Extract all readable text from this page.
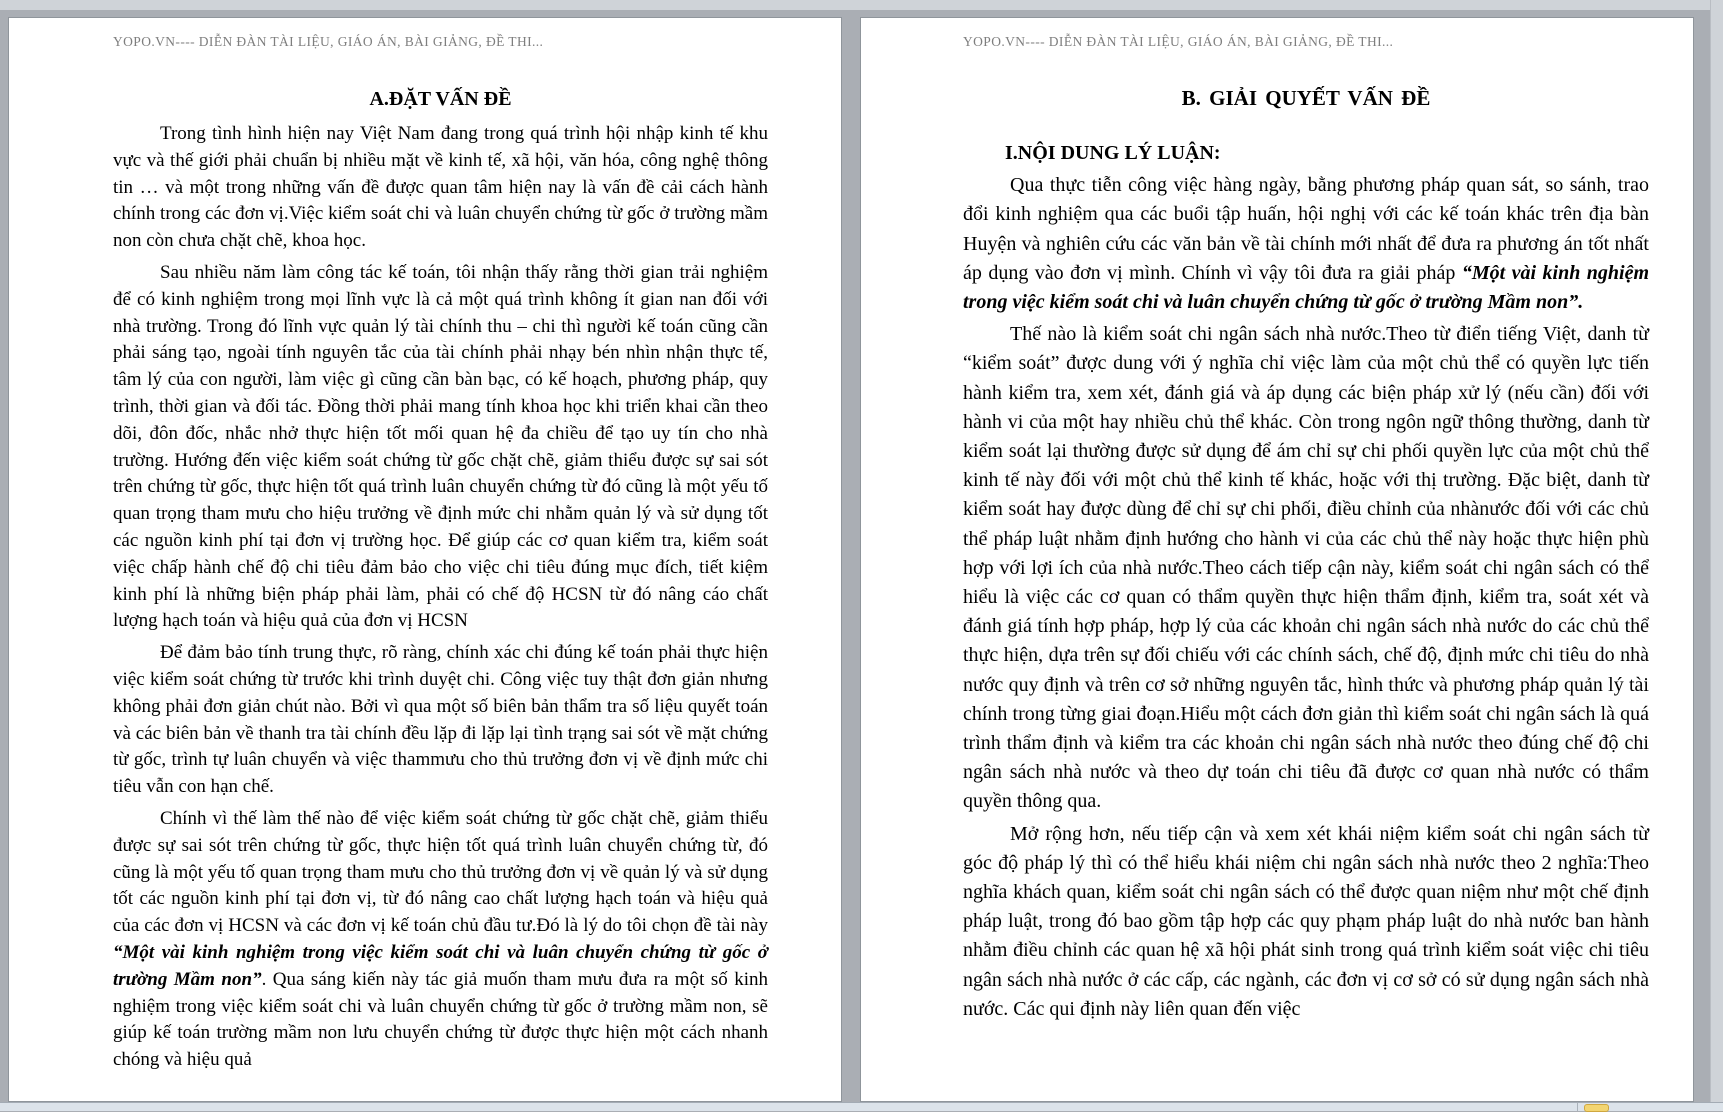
YOPO.VN---- DIỄN ĐÀN TÀI LIỆU, GIÁO ÁN, BÀI GIẢNG, ĐỀ THI...
A.ĐẶT VẤN ĐỀ

Trong tình hình hiện nay Việt Nam đang trong quá trình hội nhập kinh tế khu vực và thế giới phải chuẩn bị nhiều mặt về kinh tế, xã hội, văn hóa, công nghệ thông tin … và một trong những vấn đề được quan tâm hiện nay là vấn đề cải cách hành chính trong các đơn vị.Việc kiểm soát chi và luân chuyển chứng từ gốc ở trường mầm non còn chưa chặt chẽ, khoa học.

Sau nhiều năm làm công tác kế toán, tôi nhận thấy rằng thời gian trải nghiệm để có kinh nghiệm trong mọi lĩnh vực là cả một quá trình không ít gian nan đối với nhà trường. Trong đó lĩnh vực quản lý tài chính thu – chi thì người kế toán cũng cần phải sáng tạo, ngoài tính nguyên tắc của tài chính phải nhạy bén nhìn nhận thực tế, tâm lý của con người, làm việc gì cũng cần bàn bạc, có kế hoạch, phương pháp, quy trình, thời gian và đối tác. Đồng thời phải mang tính khoa học khi triển khai cần theo dõi, đôn đốc, nhắc nhở thực hiện tốt mối quan hệ đa chiều để tạo uy tín cho nhà trường. Hướng đến việc kiểm soát chứng từ gốc chặt chẽ, giảm thiểu được sự sai sót trên chứng từ gốc, thực hiện tốt quá trình luân chuyển chứng từ đó cũng là một yếu tố quan trọng tham mưu cho hiệu trưởng về định mức chi nhằm quản lý và sử dụng tốt các nguồn kinh phí tại đơn vị trường học. Để giúp các cơ quan kiểm tra, kiểm soát việc chấp hành chế độ chi tiêu đảm bảo cho việc chi tiêu đúng mục đích, tiết kiệm kinh phí là những biện pháp phải làm, phải có chế độ HCSN từ đó nâng cáo chất lượng hạch toán và hiệu quả của đơn vị HCSN

Để đảm bảo tính trung thực, rõ ràng, chính xác chi đúng kế toán phải thực hiện việc kiểm soát chứng từ trước khi trình duyệt chi. Công việc tuy thật đơn giản nhưng không phải đơn giản chút nào. Bởi vì qua một số biên bản thẩm tra số liệu quyết toán và các biên bản về thanh tra tài chính đều lặp đi lặp lại tình trạng sai sót về mặt chứng từ gốc, trình tự luân chuyển và việc thammưu cho thủ trưởng đơn vị về định mức chi tiêu vẫn con hạn chế.

Chính vì thế làm thế nào để việc kiểm soát chứng từ gốc chặt chẽ, giảm thiểu được sự sai sót trên chứng từ gốc, thực hiện tốt quá trình luân chuyển chứng từ, đó cũng là một yếu tố quan trọng tham mưu cho thủ trưởng đơn vị về quản lý và sử dụng tốt các nguồn kinh phí tại đơn vị, từ đó nâng cao chất lượng hạch toán và hiệu quả của các đơn vị HCSN và các đơn vị kế toán chủ đầu tư.Đó là lý do tôi chọn đề tài này “Một vài kinh nghiệm trong việc kiểm soát chi và luân chuyển chứng từ gốc ở trường Mầm non”. Qua sáng kiến này tác giả muốn tham mưu đưa ra một số kinh nghiệm trong việc kiểm soát chi và luân chuyển chứng từ gốc ở trường mầm non, sẽ giúp kế toán trường mầm non lưu chuyển chứng từ được thực hiện một cách nhanh chóng và hiệu quả

YOPO.VN---- DIỄN ĐÀN TÀI LIỆU, GIÁO ÁN, BÀI GIẢNG, ĐỀ THI...
B. GIẢI QUYẾT VẤN ĐỀ

I.NỘI DUNG LÝ LUẬN:

Qua thực tiễn công việc hàng ngày, bằng phương pháp quan sát, so sánh, trao đổi kinh nghiệm qua các buổi tập huấn, hội nghị với các kế toán khác trên địa bàn Huyện và nghiên cứu các văn bản về tài chính mới nhất để đưa ra phương án tốt nhất áp dụng vào đơn vị mình. Chính vì vậy tôi đưa ra giải pháp “Một vài kinh nghiệm trong việc kiểm soát chi và luân chuyển chứng từ gốc ở trường Mầm non”.

Thế nào là kiểm soát chi ngân sách nhà nước.Theo từ điển tiếng Việt, danh từ “kiểm soát” được dung với ý nghĩa chỉ việc làm của một chủ thể có quyền lực tiến hành kiểm tra, xem xét, đánh giá và áp dụng các biện pháp xử lý (nếu cần) đối với hành vi của một hay nhiều chủ thể khác. Còn trong ngôn ngữ thông thường, danh từ kiểm soát lại thường được sử dụng để ám chỉ sự chi phối quyền lực của một chủ thể kinh tế này đối với một chủ thể kinh tế khác, hoặc với thị trường. Đặc biệt, danh từ kiểm soát hay được dùng để chỉ sự chi phối, điều chỉnh của nhànước đối với các chủ thể pháp luật nhằm định hướng cho hành vi của các chủ thể này hoặc thực hiện phù hợp với lợi ích của nhà nước.Theo cách tiếp cận này, kiểm soát chi ngân sách có thể hiểu là việc các cơ quan có thẩm quyền thực hiện thẩm định, kiểm tra, soát xét và đánh giá tính hợp pháp, hợp lý của các khoản chi ngân sách nhà nước do các chủ thể thực hiện, dựa trên sự đối chiếu với các chính sách, chế độ, định mức chi tiêu do nhà nước quy định và trên cơ sở những nguyên tắc, hình thức và phương pháp quản lý tài chính trong từng giai đoạn.Hiểu một cách đơn giản thì kiểm soát chi ngân sách là quá trình thẩm định và kiểm tra các khoản chi ngân sách nhà nước theo đúng chế độ chi ngân sách nhà nước và theo dự toán chi tiêu đã được cơ quan nhà nước có thẩm quyền thông qua.

Mở rộng hơn, nếu tiếp cận và xem xét khái niệm kiểm soát chi ngân sách từ góc độ pháp lý thì có thể hiểu khái niệm chi ngân sách nhà nước theo 2 nghĩa:Theo nghĩa khách quan, kiểm soát chi ngân sách có thể được quan niệm như một chế định pháp luật, trong đó bao gồm tập hợp các quy phạm pháp luật do nhà nước ban hành nhằm điều chỉnh các quan hệ xã hội phát sinh trong quá trình kiểm soát việc chi tiêu ngân sách nhà nước ở các cấp, các ngành, các đơn vị cơ sở có sử dụng ngân sách nhà nước. Các qui định này liên quan đến việc
